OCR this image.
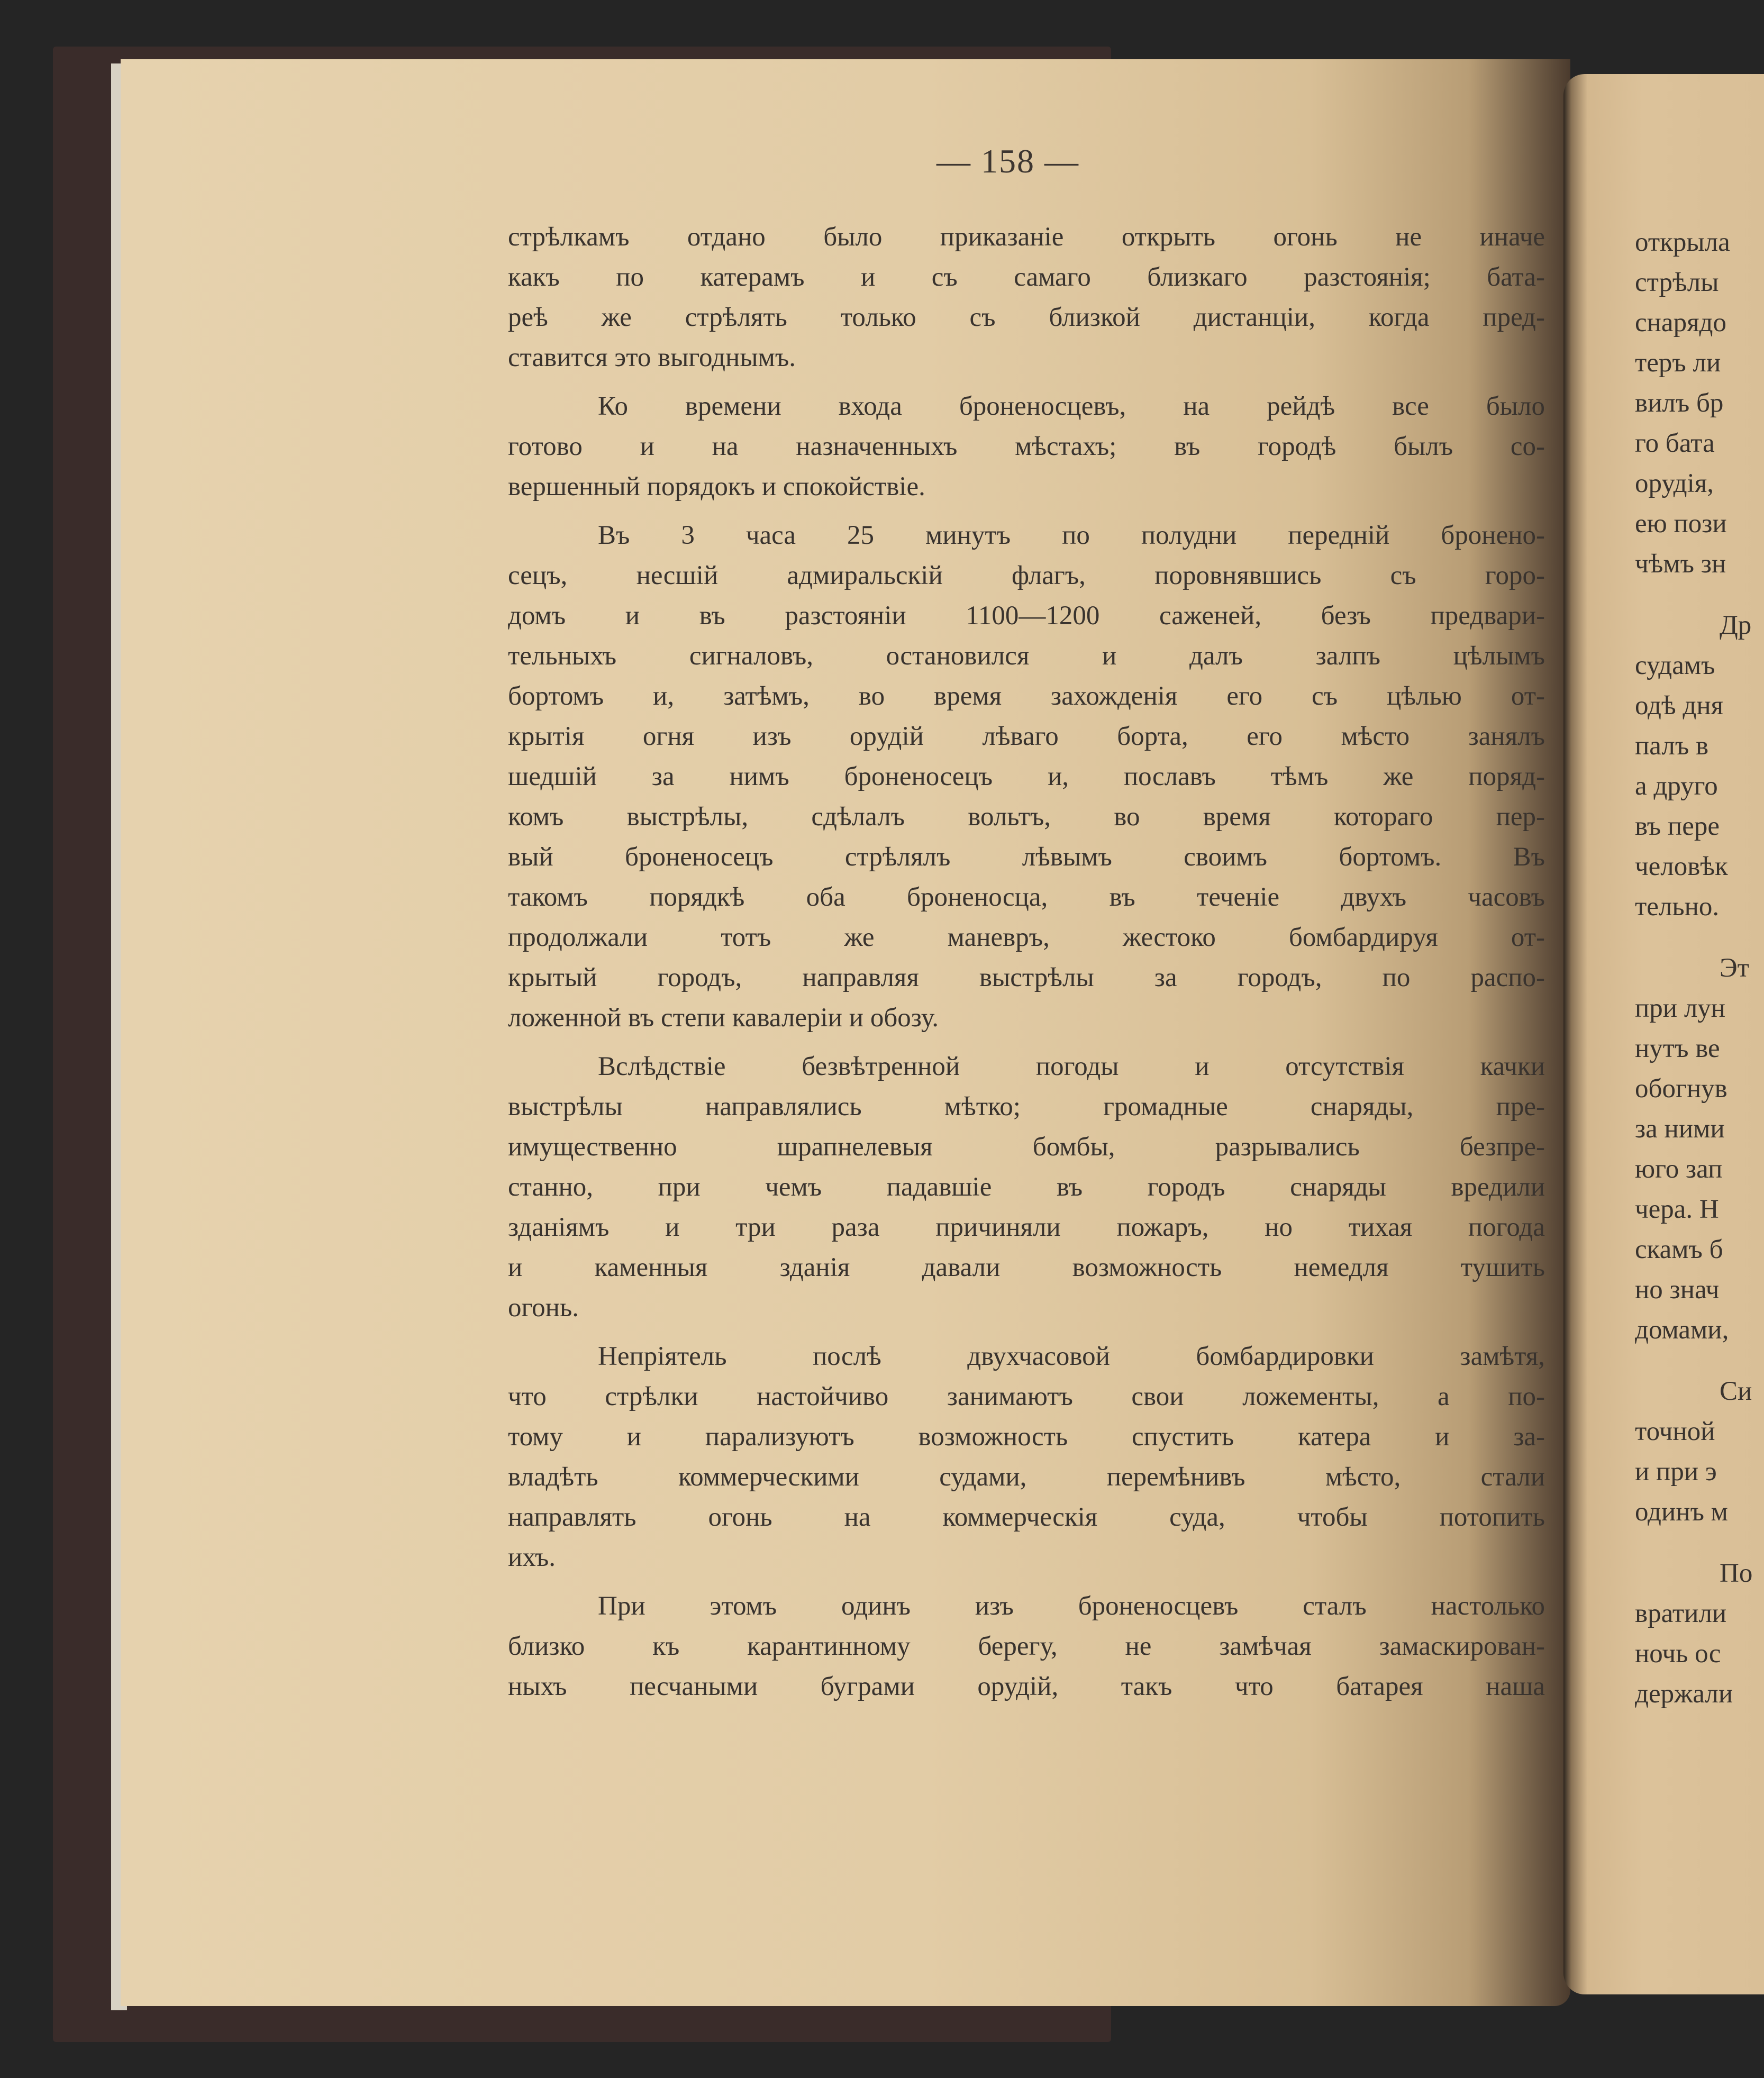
— 158 —
стрѣлкамъ отдано было приказаніе открыть огонь не иначе
какъ по катерамъ и съ самаго близкаго разстоянія; бата-
реѣ же стрѣлять только съ близкой дистанціи, когда пред-
ставится это выгоднымъ.
Ко времени входа броненосцевъ, на рейдѣ все было
готово и на назначенныхъ мѣстахъ; въ городѣ былъ со-
вершенный порядокъ и спокойствіе.
Въ 3 часа 25 минутъ по полудни передній броненo-
сецъ, несшій адмиральскій флагъ, поровнявшись съ горо-
домъ и въ разстояніи 1100—1200 саженей, безъ предвари-
тельныхъ сигналовъ, остановился и далъ залпъ цѣлымъ
бортомъ и, затѣмъ, во время захожденія его съ цѣлью от-
крытія огня изъ орудій лѣваго борта, его мѣсто занялъ
шедшій за нимъ броненосецъ и, пославъ тѣмъ же поряд-
комъ выстрѣлы, сдѣлалъ вольтъ, во время котораго пер-
вый броненосецъ стрѣлялъ лѣвымъ своимъ бортомъ. Въ
такомъ порядкѣ оба броненосца, въ теченіе двухъ часовъ
продолжали тотъ же маневръ, жестоко бомбардируя от-
крытый городъ, направляя выстрѣлы за городъ, по распо-
ложенной въ степи кавалеріи и обозу.
Вслѣдствіе безвѣтренной погоды и отсутствія качки
выстрѣлы направлялись мѣтко; громадные снаряды, пре-
имущественно шрапнелевыя бомбы, разрывались безпре-
станно, при чемъ падавшіе въ городъ снаряды вредили
зданіямъ и три раза причиняли пожаръ, но тихая погода
и каменныя зданія давали возможность немедля тушить
огонь.
Непріятель послѣ двухчасовой бомбардировки замѣтя,
что стрѣлки настойчиво занимаютъ свои ложементы, а по-
тому и парализуютъ возможность спустить катера и за-
владѣть коммерческими судами, перемѣнивъ мѣсто, стали
направлять огонь на коммерческія суда, чтобы потопить
ихъ.
При этомъ одинъ изъ броненосцевъ сталъ настолько
близко къ карантинному берегу, не замѣчая замаскирован-
ныхъ песчаными буграми орудій, такъ что батарея наша
открыла
стрѣлы
снарядо
теръ ли
вилъ бр
го бата
орудія,
ею пози
чѣмъ зн
Др
судамъ
одѣ дня
палъ в
а друго
въ пере
человѣк
тельно.
Эт
при лун
нутъ ве
обогнув
за ними
юго зап
чера. Н
скамъ б
но знач
домами,
Си
точной
и при э
одинъ м
По
вратили
ночь ос
держали
